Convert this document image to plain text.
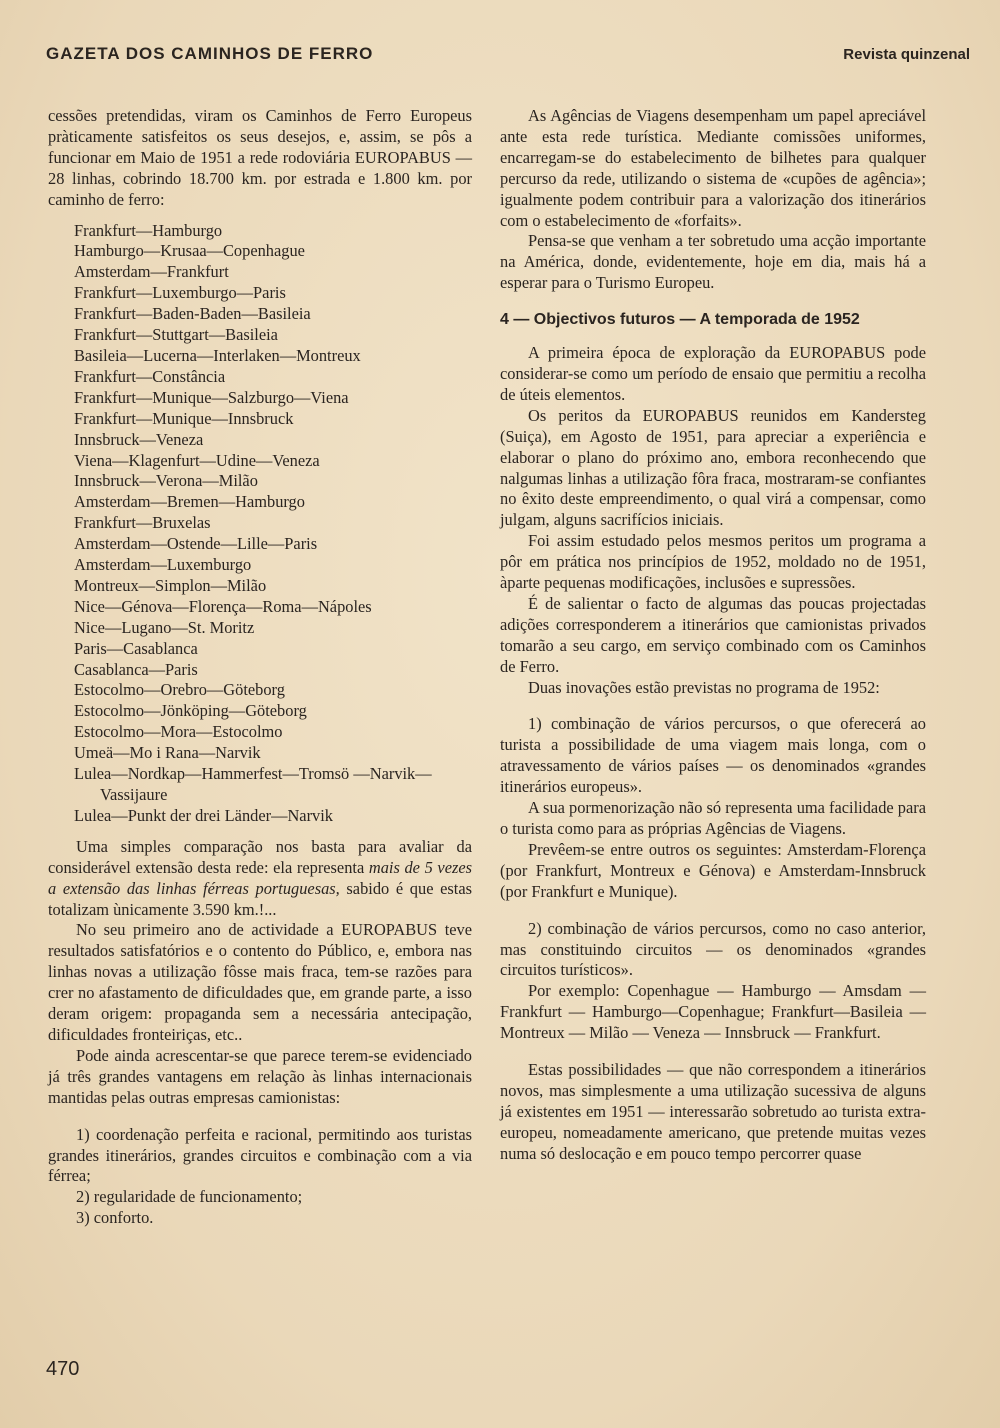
GAZETA DOS CAMINHOS DE FERRO	Revista quinzenal

cessões pretendidas, viram os Caminhos de Ferro Europeus pràticamente satisfeitos os seus desejos, e, assim, se pôs a funcionar em Maio de 1951 a rede rodoviária EUROPABUS — 28 linhas, cobrindo 18.700 km. por estrada e 1.800 km. por caminho de ferro:

Frankfurt—Hamburgo
Hamburgo—Krusaa—Copenhague
Amsterdam—Frankfurt
Frankfurt—Luxemburgo—Paris
Frankfurt—Baden-Baden—Basileia
Frankfurt—Stuttgart—Basileia
Basileia—Lucerna—Interlaken—Montreux
Frankfurt—Constância
Frankfurt—Munique—Salzburgo—Viena
Frankfurt—Munique—Innsbruck
Innsbruck—Veneza
Viena—Klagenfurt—Udine—Veneza
Innsbruck—Verona—Milão
Amsterdam—Bremen—Hamburgo
Frankfurt—Bruxelas
Amsterdam—Ostende—Lille—Paris
Amsterdam—Luxemburgo
Montreux—Simplon—Milão
Nice—Génova—Florença—Roma—Nápoles
Nice—Lugano—St. Moritz
Paris—Casablanca
Casablanca—Paris
Estocolmo—Orebro—Göteborg
Estocolmo—Jönköping—Göteborg
Estocolmo—Mora—Estocolmo
Umeä—Mo i Rana—Narvik
Lulea—Nordkap—Hammerfest—Tromsö —Narvik—Vassijaure
Lulea—Punkt der drei Länder—Narvik

Uma simples comparação nos basta para avaliar da considerável extensão desta rede: ela representa mais de 5 vezes a extensão das linhas férreas portuguesas, sabido é que estas totalizam ùnicamente 3.590 km.!...

No seu primeiro ano de actividade a EUROPABUS teve resultados satisfatórios e o contento do Público, e, embora nas linhas novas a utilização fôsse mais fraca, tem-se razões para crer no afastamento de dificuldades que, em grande parte, a isso deram origem: propaganda sem a necessária antecipação, dificuldades fronteiriças, etc..

Pode ainda acrescentar-se que parece terem-se evidenciado já três grandes vantagens em relação às linhas internacionais mantidas pelas outras empresas camionistas:

1) coordenação perfeita e racional, permitindo aos turistas grandes itinerários, grandes circuitos e combinação com a via férrea;

2) regularidade de funcionamento;

3) conforto.

As Agências de Viagens desempenham um papel apreciável ante esta rede turística. Mediante comissões uniformes, encarregam-se do estabelecimento de bilhetes para qualquer percurso da rede, utilizando o sistema de «cupões de agência»; igualmente podem contribuir para a valorização dos itinerários com o estabelecimento de «forfaits».

Pensa-se que venham a ter sobretudo uma acção importante na América, donde, evidentemente, hoje em dia, mais há a esperar para o Turismo Europeu.

4 — Objectivos futuros — A temporada de 1952

A primeira época de exploração da EUROPABUS pode considerar-se como um período de ensaio que permitiu a recolha de úteis elementos.

Os peritos da EUROPABUS reunidos em Kandersteg (Suiça), em Agosto de 1951, para apreciar a experiência e elaborar o plano do próximo ano, embora reconhecendo que nalgumas linhas a utilização fôra fraca, mostraram-se confiantes no êxito deste empreendimento, o qual virá a compensar, como julgam, alguns sacrifícios iniciais.

Foi assim estudado pelos mesmos peritos um programa a pôr em prática nos princípios de 1952, moldado no de 1951, àparte pequenas modificações, inclusões e supressões.

É de salientar o facto de algumas das poucas projectadas adições corresponderem a itinerários que camionistas privados tomarão a seu cargo, em serviço combinado com os Caminhos de Ferro.

Duas inovações estão previstas no programa de 1952:

1) combinação de vários percursos, o que oferecerá ao turista a possibilidade de uma viagem mais longa, com o atravessamento de vários países — os denominados «grandes itinerários europeus».

A sua pormenorização não só representa uma facilidade para o turista como para as próprias Agências de Viagens.

Prevêem-se entre outros os seguintes: Amsterdam-Florença (por Frankfurt, Montreux e Génova) e Amsterdam-Innsbruck (por Frankfurt e Munique).

2) combinação de vários percursos, como no caso anterior, mas constituindo circuitos — os denominados «grandes circuitos turísticos».

Por exemplo: Copenhague — Hamburgo — Amsdam — Frankfurt — Hamburgo—Copenhague; Frankfurt—Basileia — Montreux — Milão — Veneza — Innsbruck — Frankfurt.

Estas possibilidades — que não correspondem a itinerários novos, mas simplesmente a uma utilização sucessiva de alguns já existentes em 1951 — interessarão sobretudo ao turista extra-europeu, nomeadamente americano, que pretende muitas vezes numa só deslocação e em pouco tempo percorrer quase

470
